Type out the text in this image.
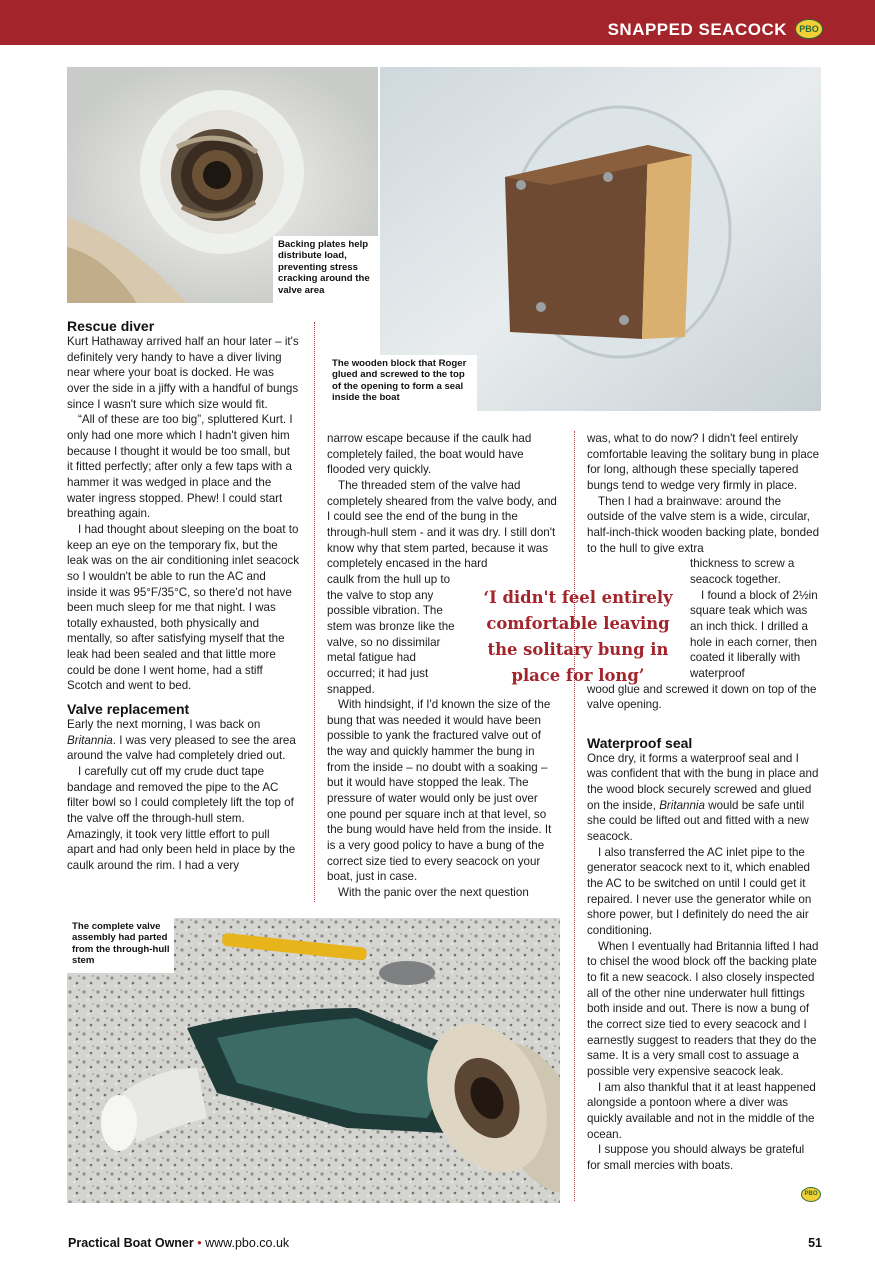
SNAPPED SEACOCK	PBO
Backing plates help distribute load, preventing stress cracking around the valve area
The wooden block that Roger glued and screwed to the top of the opening to form a seal inside the boat
Rescue diver

Kurt Hathaway arrived half an hour later – it's definitely very handy to have a diver living near where your boat is docked. He was over the side in a jiffy with a handful of bungs since I wasn't sure which size would fit.

“All of these are too big”, spluttered Kurt. I only had one more which I hadn't given him because I thought it would be too small, but it fitted perfectly; after only a few taps with a hammer it was wedged in place and the water ingress stopped. Phew! I could start breathing again.

I had thought about sleeping on the boat to keep an eye on the temporary fix, but the leak was on the air conditioning inlet seacock so I wouldn't be able to run the AC and inside it was 95°F/35°C, so there'd not have been much sleep for me that night. I was totally exhausted, both physically and mentally, so after satisfying myself that the leak had been sealed and that little more could be done I went home, had a stiff Scotch and went to bed.

Valve replacement

Early the next morning, I was back on Britannia. I was very pleased to see the area around the valve had completely dried out.

I carefully cut off my crude duct tape bandage and removed the pipe to the AC filter bowl so I could completely lift the top of the valve off the through-hull stem. Amazingly, it took very little effort to pull apart and had only been held in place by the caulk around the rim. I had a very

narrow escape because if the caulk had completely failed, the boat would have flooded very quickly.

The threaded stem of the valve had completely sheared from the valve body, and I could see the end of the bung in the through-hull stem - and it was dry. I still don't know why that stem parted, because it was completely encased in the hard

caulk from the hull up to the valve to stop any possible vibration. The stem was bronze like the valve, so no dissimilar metal fatigue had occurred; it had just snapped.

With hindsight, if I'd known the size of the bung that was needed it would have been possible to yank the fractured valve out of the way and quickly hammer the bung in from the inside – no doubt with a soaking – but it would have stopped the leak. The pressure of water would only be just over one pound per square inch at that level, so the bung would have held from the inside. It is a very good policy to have a bung of the correct size tied to every seacock on your boat, just in case.

With the panic over the next question

‘I didn't feel entirely comfortable leaving the solitary bung in place for long’

was, what to do now? I didn't feel entirely comfortable leaving the solitary bung in place for long, although these specially tapered bungs tend to wedge very firmly in place.

Then I had a brainwave: around the outside of the valve stem is a wide, circular, half-inch-thick wooden backing plate, bonded to the hull to give extra

thickness to screw a seacock together.

I found a block of 2½in square teak which was an inch thick. I drilled a hole in each corner, then coated it liberally with waterproof

wood glue and screwed it down on top of the valve opening.

Waterproof seal

Once dry, it forms a waterproof seal and I was confident that with the bung in place and the wood block securely screwed and glued on the inside, Britannia would be safe until she could be lifted out and fitted with a new seacock.

I also transferred the AC inlet pipe to the generator seacock next to it, which enabled the AC to be switched on until I could get it repaired. I never use the generator while on shore power, but I definitely do need the air conditioning.

When I eventually had Britannia lifted I had to chisel the wood block off the backing plate to fit a new seacock. I also closely inspected all of the other nine underwater hull fittings both inside and out. There is now a bung of the correct size tied to every seacock and I earnestly suggest to readers that they do the same. It is a very small cost to assuage a possible very expensive seacock leak.

I am also thankful that it at least happened alongside a pontoon where a diver was quickly available and not in the middle of the ocean.

I suppose you should always be grateful for small mercies with boats.

PBO
The complete valve assembly had parted from the through-hull stem
Practical Boat Owner • www.pbo.co.uk	51
